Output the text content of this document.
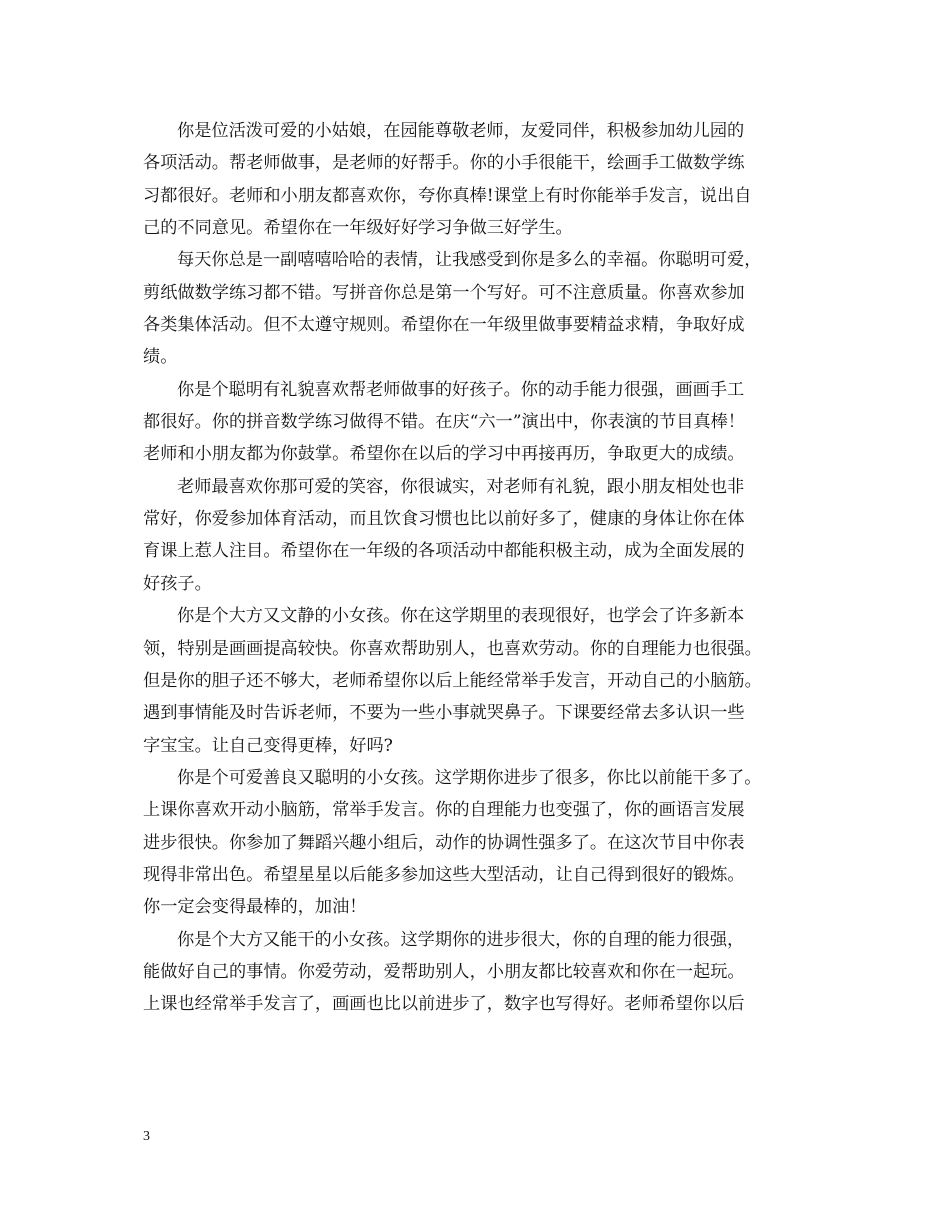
你是位活泼可爱的小姑娘，在园能尊敬老师，友爱同伴，积极参加幼儿园的
各项活动。帮老师做事，是老师的好帮手。你的小手很能干，绘画手工做数学练
习都很好。老师和小朋友都喜欢你，夸你真棒!课堂上有时你能举手发言，说出自
己的不同意见。希望你在一年级好好学习争做三好学生。
每天你总是一副嘻嘻哈哈的表情，让我感受到你是多么的幸福。你聪明可爱，
剪纸做数学练习都不错。写拼音你总是第一个写好。可不注意质量。你喜欢参加
各类集体活动。但不太遵守规则。希望你在一年级里做事要精益求精，争取好成
绩。
你是个聪明有礼貌喜欢帮老师做事的好孩子。你的动手能力很强，画画手工
都很好。你的拼音数学练习做得不错。在庆“六一”演出中，你表演的节目真棒！
老师和小朋友都为你鼓掌。希望你在以后的学习中再接再历，争取更大的成绩。
老师最喜欢你那可爱的笑容，你很诚实，对老师有礼貌，跟小朋友相处也非
常好，你爱参加体育活动，而且饮食习惯也比以前好多了，健康的身体让你在体
育课上惹人注目。希望你在一年级的各项活动中都能积极主动，成为全面发展的
好孩子。
你是个大方又文静的小女孩。你在这学期里的表现很好，也学会了许多新本
领，特别是画画提高较快。你喜欢帮助别人，也喜欢劳动。你的自理能力也很强。
但是你的胆子还不够大，老师希望你以后上能经常举手发言，开动自己的小脑筋。
遇到事情能及时告诉老师，不要为一些小事就哭鼻子。下课要经常去多认识一些
字宝宝。让自己变得更棒，好吗?
你是个可爱善良又聪明的小女孩。这学期你进步了很多，你比以前能干多了。
上课你喜欢开动小脑筋，常举手发言。你的自理能力也变强了，你的画语言发展
进步很快。你参加了舞蹈兴趣小组后，动作的协调性强多了。在这次节目中你表
现得非常出色。希望星星以后能多参加这些大型活动，让自己得到很好的锻炼。
你一定会变得最棒的，加油！
你是个大方又能干的小女孩。这学期你的进步很大，你的自理的能力很强，
能做好自己的事情。你爱劳动，爱帮助别人，小朋友都比较喜欢和你在一起玩。
上课也经常举手发言了，画画也比以前进步了，数字也写得好。老师希望你以后
3
